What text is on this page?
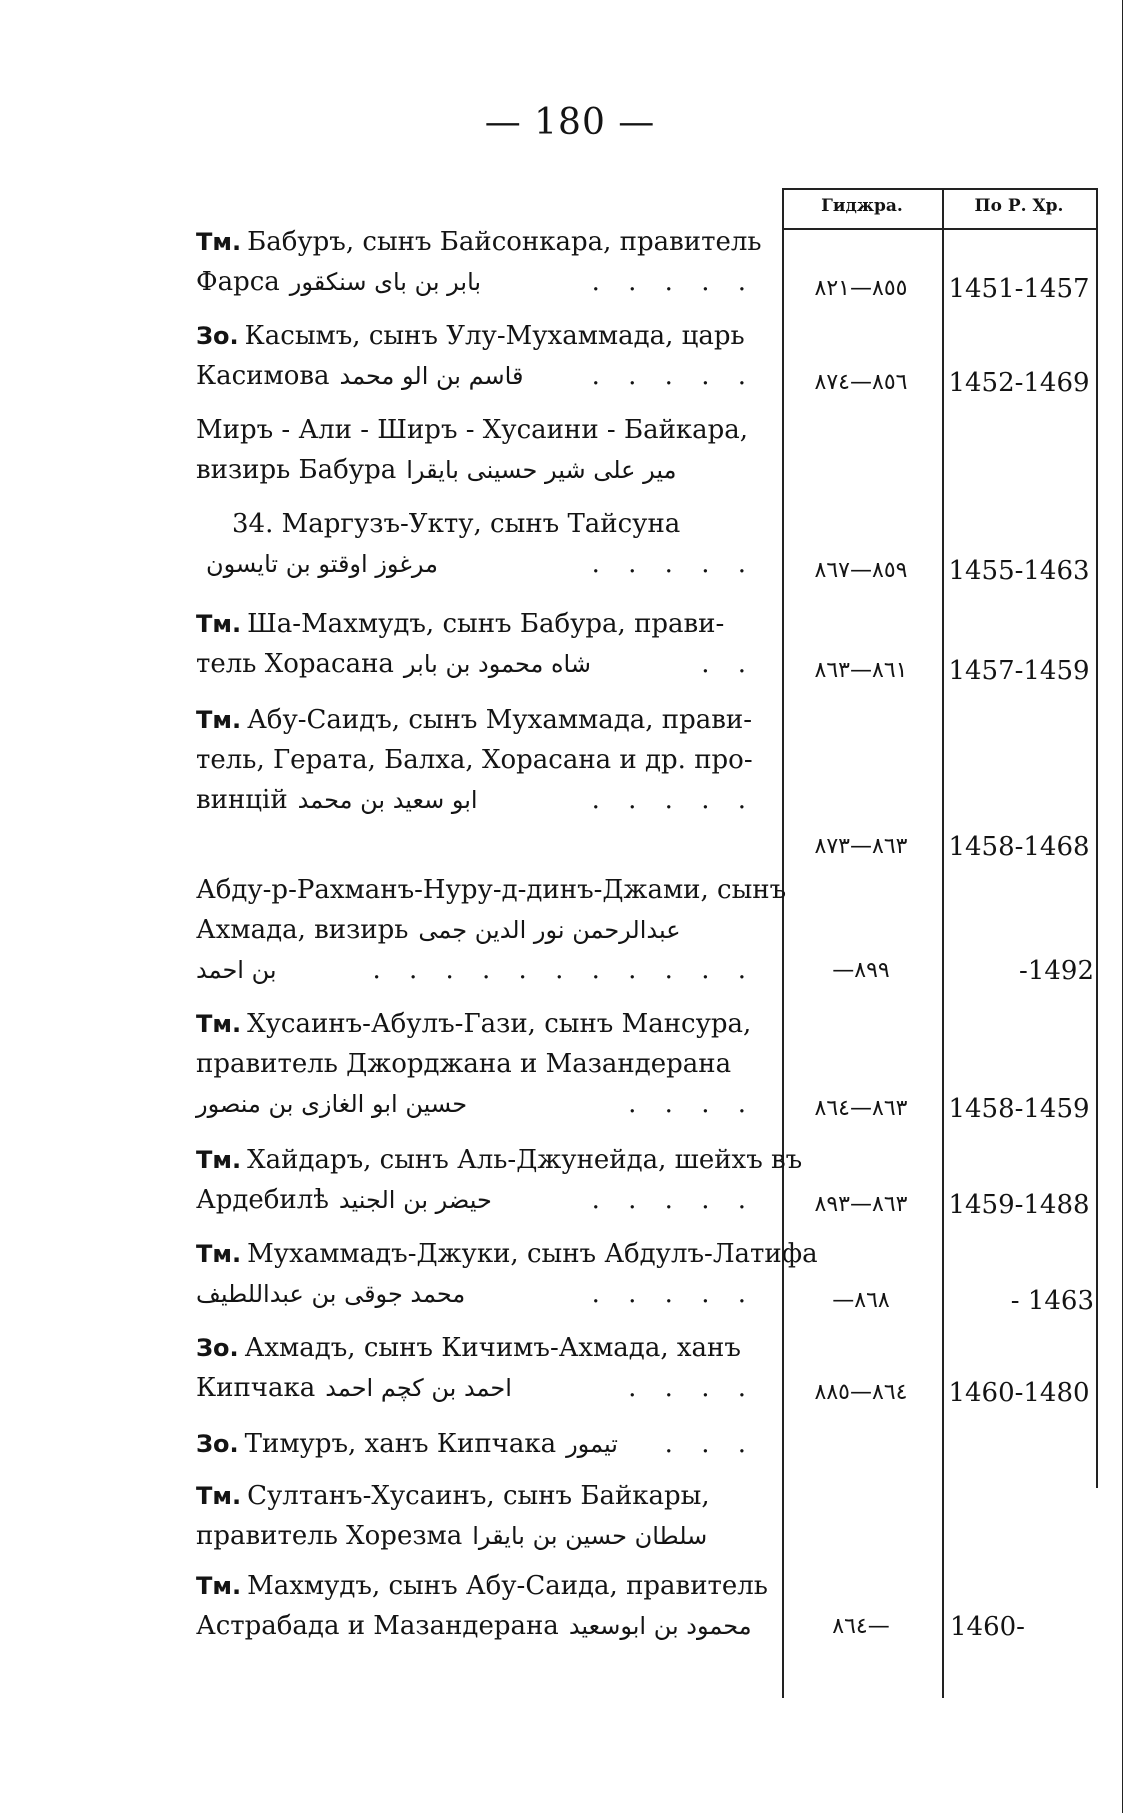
— 180 —
Гиджра.	По Р. Хр.
Тм. Бабуръ, сынъ Байсонкара, правитель
Фарса بابر بن باى سنكقور	. . . . .	٨٥٥—٨٢١	1451-1457
Зо. Касымъ, сынъ Улу-Мухаммада, царь
Касимова قاسم بن الو محمد	. . . . .	٨٥٦—٨٧٤	1452-1469
Миръ - Али - Ширъ - Хусаини - Байкара,
визирь Бабура مير على شير حسينى بايقرا
34. Маргузъ-Укту, сынъ Тайсуна
مرغوز اوقتو بن تايسون	. . . . .	٨٥٩—٨٦٧	1455-1463
Тм. Ша-Махмудъ, сынъ Бабура, прави-
тель Хорасана شاه محمود بن بابر	. .	٨٦١—٨٦٣	1457-1459
Тм. Абу-Саидъ, сынъ Мухаммада, прави-
тель, Герата, Балха, Хорасана и др. про-
винцій ابو سعيد بن محمد	. . . . .
٨٦٣—٨٧٣	1458-1468
Абду-р-Рахманъ-Нуру-д-динъ-Джами, сынъ
Ахмада, визирь عبدالرحمن نور الدين جمى
بن احمد	. . . . . . . . . . .	—٨٩٩	-1492
Тм. Хусаинъ-Абулъ-Гази, сынъ Мансура,
правитель Джорджана и Мазандерана
حسين ابو الغازى بن منصور	. . . .	٨٦٣—٨٦٤	1458-1459
Тм. Хайдаръ, сынъ Аль-Джунейда, шейхъ въ
Ардебилѣ حيضر بن الجنيد	. . . . .	٨٦٣—٨٩٣	1459-1488
Тм. Мухаммадъ-Джуки, сынъ Абдулъ-Латифа
محمد جوقى بن عبداللطيف	. . . . .	—٨٦٨	- 1463
Зо. Ахмадъ, сынъ Кичимъ-Ахмада, ханъ
Кипчака احمد بن كچم احمد	. . . .	٨٦٤—٨٨٥	1460-1480
Зо. Тимуръ, ханъ Кипчака تيمور . . .
Тм. Султанъ-Хусаинъ, сынъ Байкары,
правитель Хорезма سلطان حسين بن بايقرا
Тм. Махмудъ, сынъ Абу-Саида, правитель
Астрабада и Мазандерана محمود بن ابوسعيد	٨٦٤—	1460-
